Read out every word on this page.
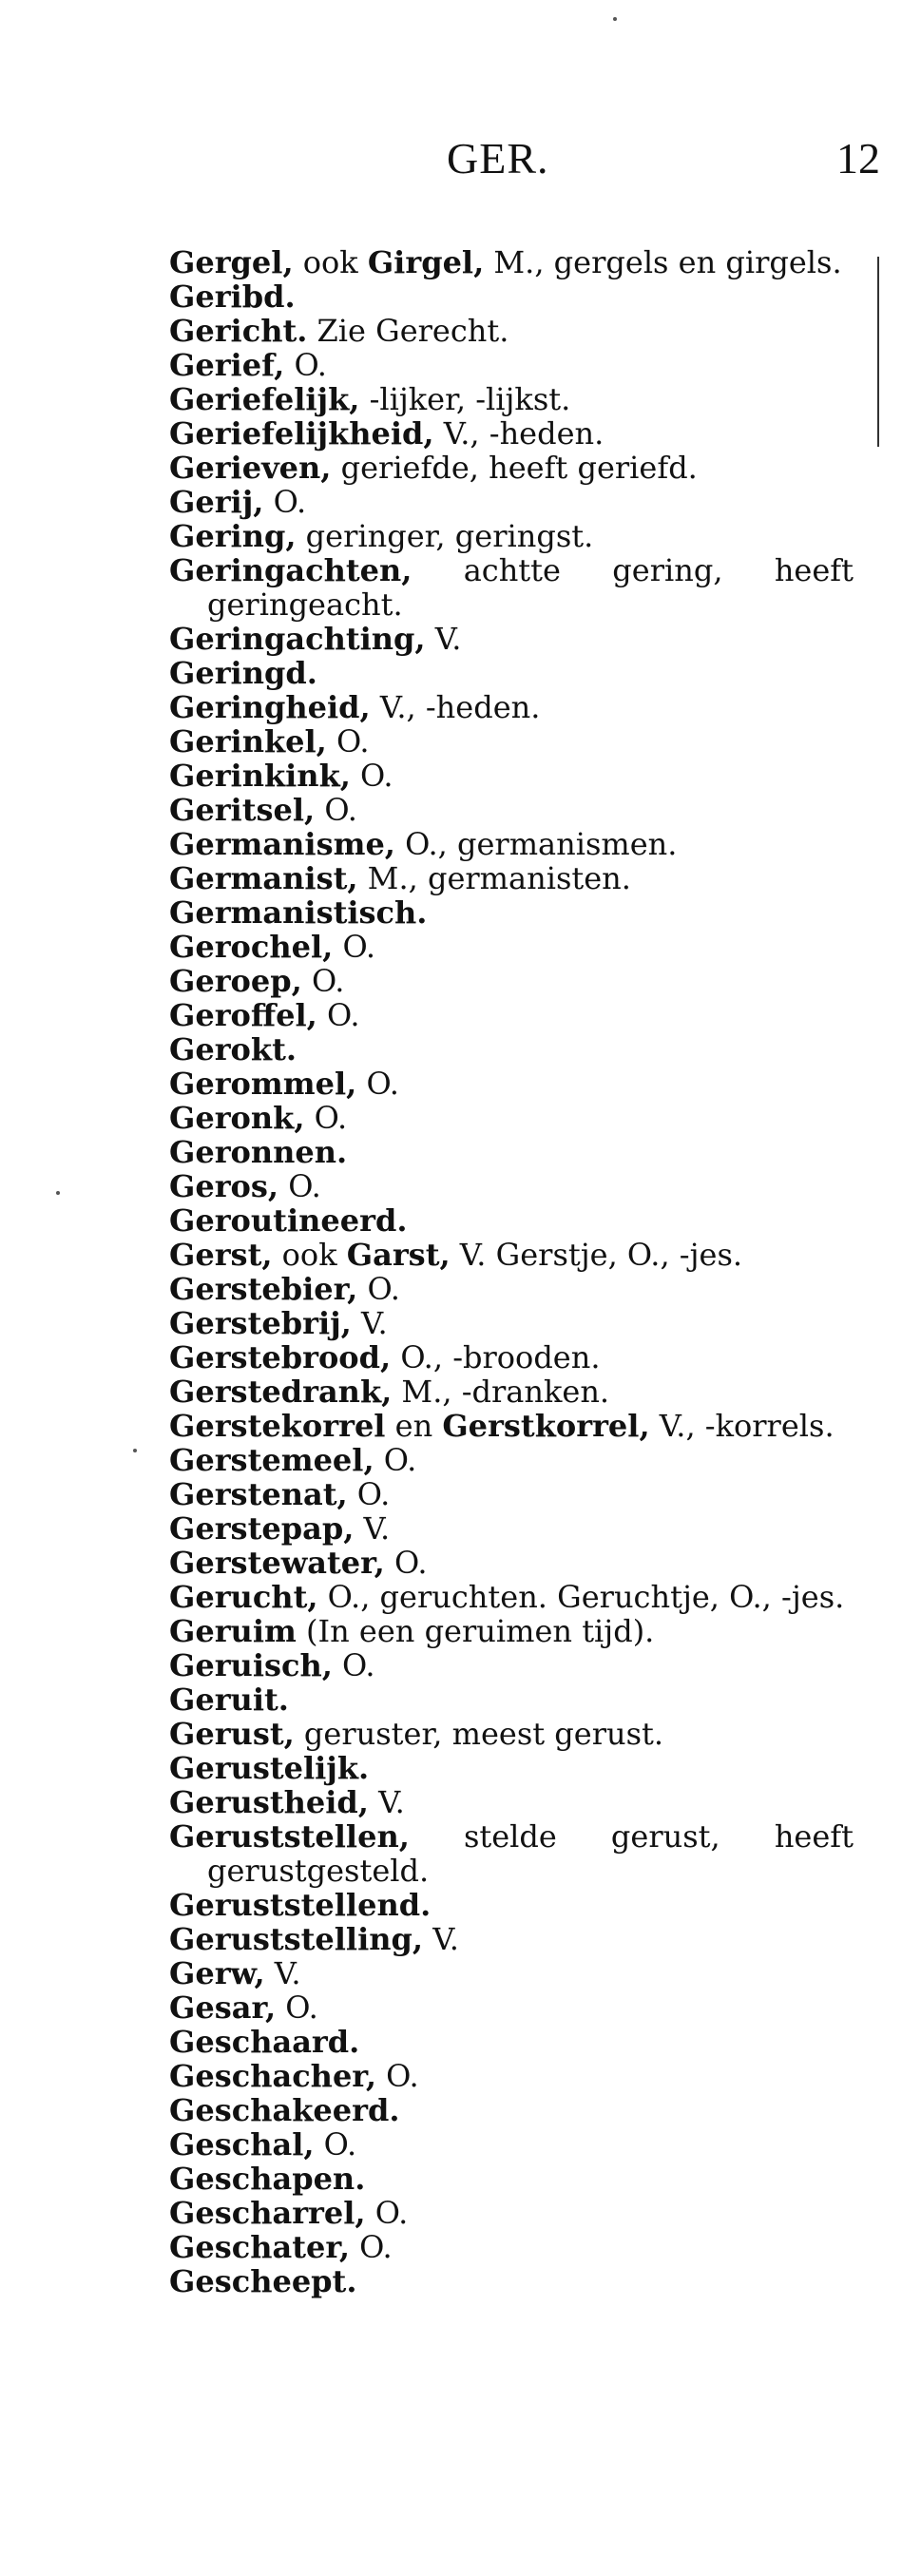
GER.	12
Gergel, ook Girgel, M., gergels en girgels.
Geribd.
Gericht. Zie Gerecht.
Gerief, O.
Geriefelijk, -lijker, -lijkst.
Geriefelijkheid, V., -heden.
Gerieven, geriefde, heeft geriefd.
Gerij, O.
Gering, geringer, geringst.
Geringachten, achtte gering, heeft geringeacht.
Geringachting, V.
Geringd.
Geringheid, V., -heden.
Gerinkel, O.
Gerinkink, O.
Geritsel, O.
Germanisme, O., germanismen.
Germanist, M., germanisten.
Germanistisch.
Gerochel, O.
Geroep, O.
Geroffel, O.
Gerokt.
Gerommel, O.
Geronk, O.
Geronnen.
Geros, O.
Geroutineerd.
Gerst, ook Garst, V. Gerstje, O., -jes.
Gerstebier, O.
Gerstebrij, V.
Gerstebrood, O., -brooden.
Gerstedrank, M., -dranken.
Gerstekorrel en Gerstkorrel, V., -korrels.
Gerstemeel, O.
Gerstenat, O.
Gerstepap, V.
Gerstewater, O.
Gerucht, O., geruchten. Geruchtje, O., -jes.
Geruim (In een geruimen tijd).
Geruisch, O.
Geruit.
Gerust, geruster, meest gerust.
Gerustelijk.
Gerustheid, V.
Geruststellen, stelde gerust, heeft gerustgesteld.
Geruststellend.
Geruststelling, V.
Gerw, V.
Gesar, O.
Geschaard.
Geschacher, O.
Geschakeerd.
Geschal, O.
Geschapen.
Gescharrel, O.
Geschater, O.
Gescheept.
